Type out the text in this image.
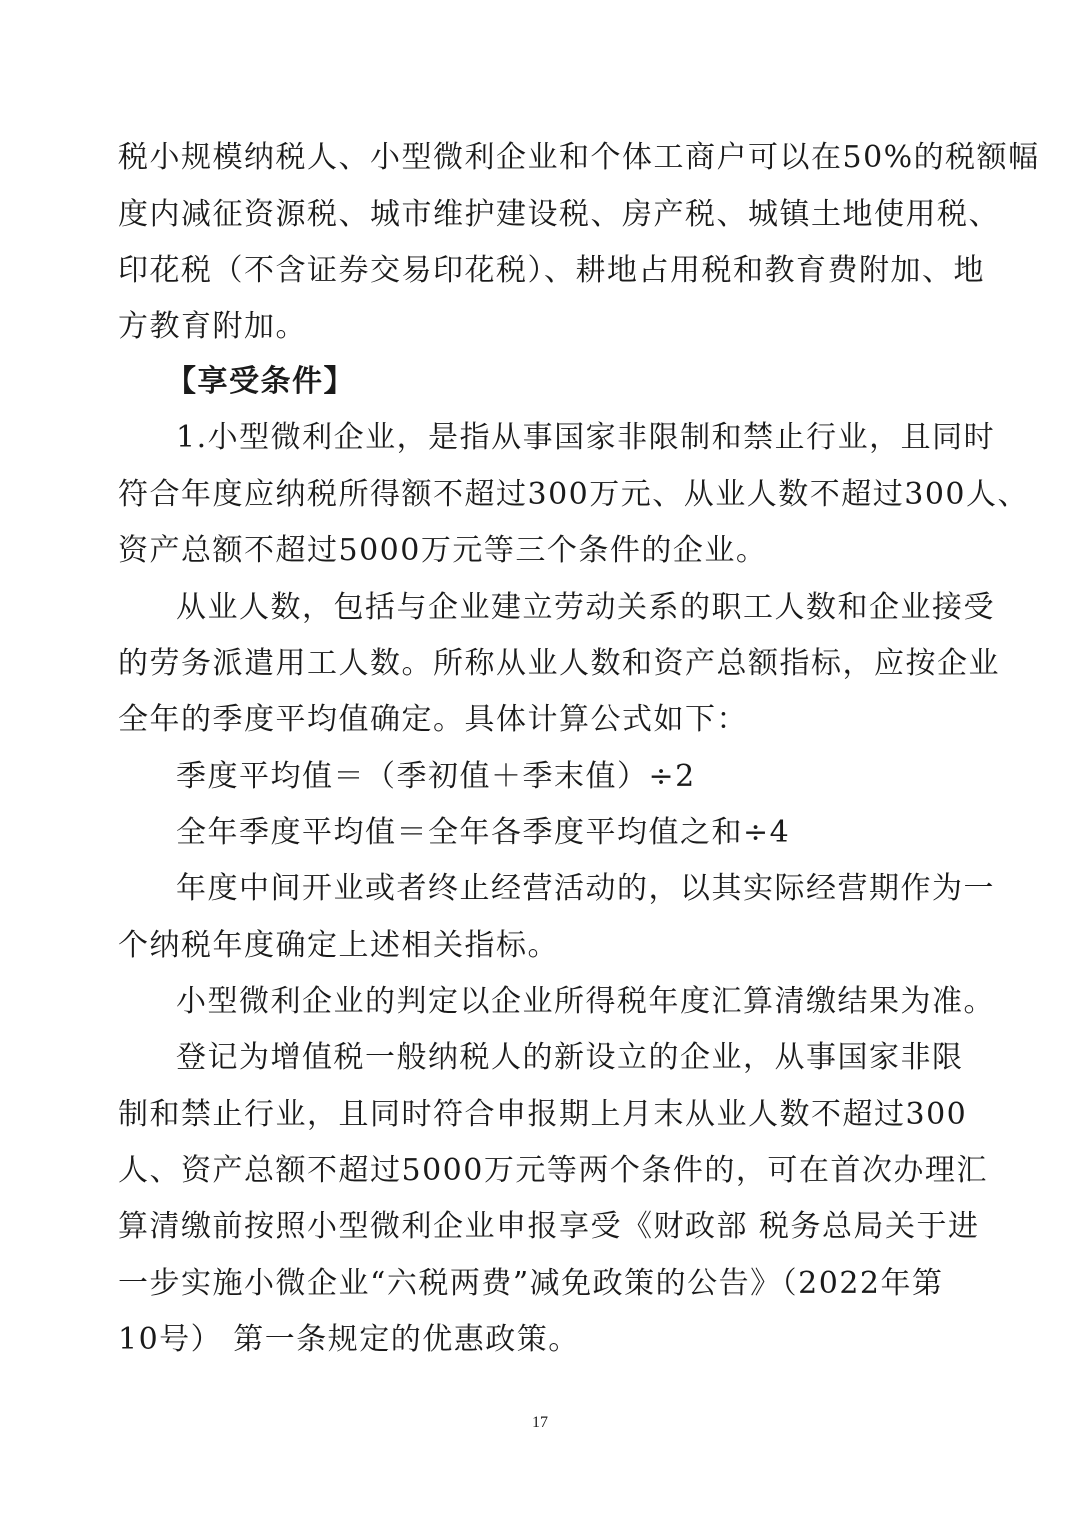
税小规模纳税人、小型微利企业和个体工商户可以在50%的税额幅
度内减征资源税、城市维护建设税、房产税、城镇土地使用税、
印花税（不含证券交易印花税）、耕地占用税和教育费附加、地
方教育附加。
【享受条件】
1.小型微利企业，是指从事国家非限制和禁止行业，且同时
符合年度应纳税所得额不超过300万元、从业人数不超过300人、
资产总额不超过5000万元等三个条件的企业。
从业人数，包括与企业建立劳动关系的职工人数和企业接受
的劳务派遣用工人数。所称从业人数和资产总额指标，应按企业
全年的季度平均值确定。具体计算公式如下：
季度平均值＝（季初值＋季末值）÷2
全年季度平均值＝全年各季度平均值之和÷4
年度中间开业或者终止经营活动的，以其实际经营期作为一
个纳税年度确定上述相关指标。
小型微利企业的判定以企业所得税年度汇算清缴结果为准。
登记为增值税一般纳税人的新设立的企业，从事国家非限
制和禁止行业，且同时符合申报期上月末从业人数不超过300
人、资产总额不超过5000万元等两个条件的，可在首次办理汇
算清缴前按照小型微利企业申报享受《财政部 税务总局关于进
一步实施小微企业“六税两费”减免政策的公告》（2022年第
10号） 第一条规定的优惠政策。
17
